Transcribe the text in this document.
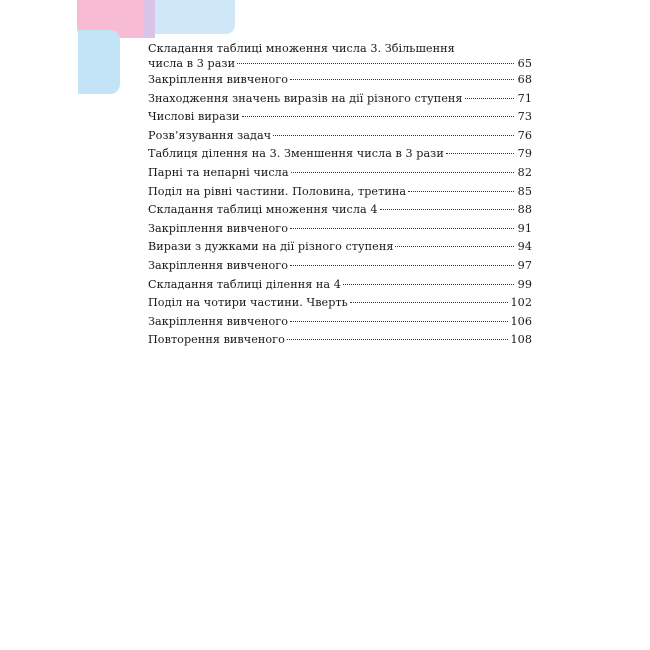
Складання таблиці множення числа 3. Збільшення
числа в 3 рази	65
Закріплення вивченого	68
Знаходження значень виразів на дії різного ступеня	71
Числові вирази	73
Розв’язування задач	76
Таблиця ділення на 3. Зменшення числа в 3 рази	79
Парні та непарні числа	82
Поділ на рівні частини. Половина, третина	85
Складання таблиці множення числа 4	88
Закріплення вивченого	91
Вирази з дужками на дії різного ступеня	94
Закріплення вивченого	97
Складання таблиці ділення на 4	99
Поділ на чотири частини. Чверть	102
Закріплення вивченого	106
Повторення вивченого	108
